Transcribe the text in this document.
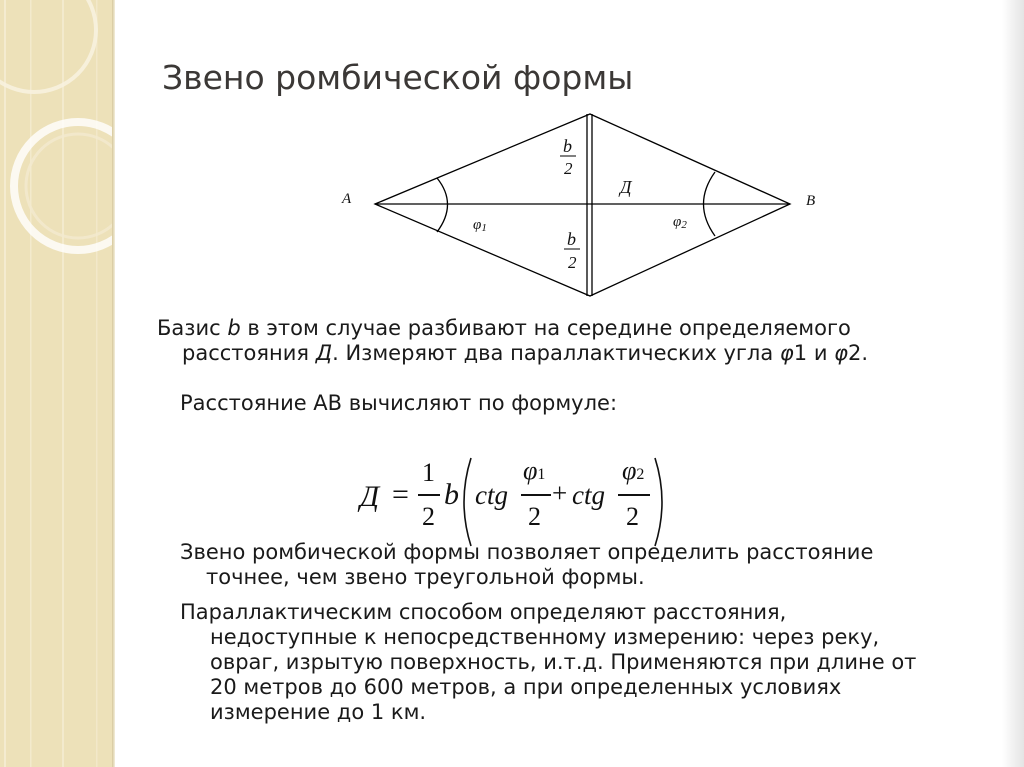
Звено ромбической формы
А	В
Д
b
2
b
2
φ1	φ2
Базис b в этом случае разбивают на середине определяемого
расстояния Д. Измеряют два параллактических угла φ1 и φ2.
Расстояние АВ вычисляют по формуле:
Д =
1
2
b ctg
φ1
2
+ ctg
φ2
2
Звено ромбической формы позволяет определить расстояние
точнее, чем звено треугольной формы.
Параллактическим способом определяют расстояния,
недоступные к непосредственному измерению: через реку,
овраг, изрытую поверхность, и.т.д. Применяются при длине от
20 метров до 600 метров, а при определенных условиях
измерение до 1 км.
